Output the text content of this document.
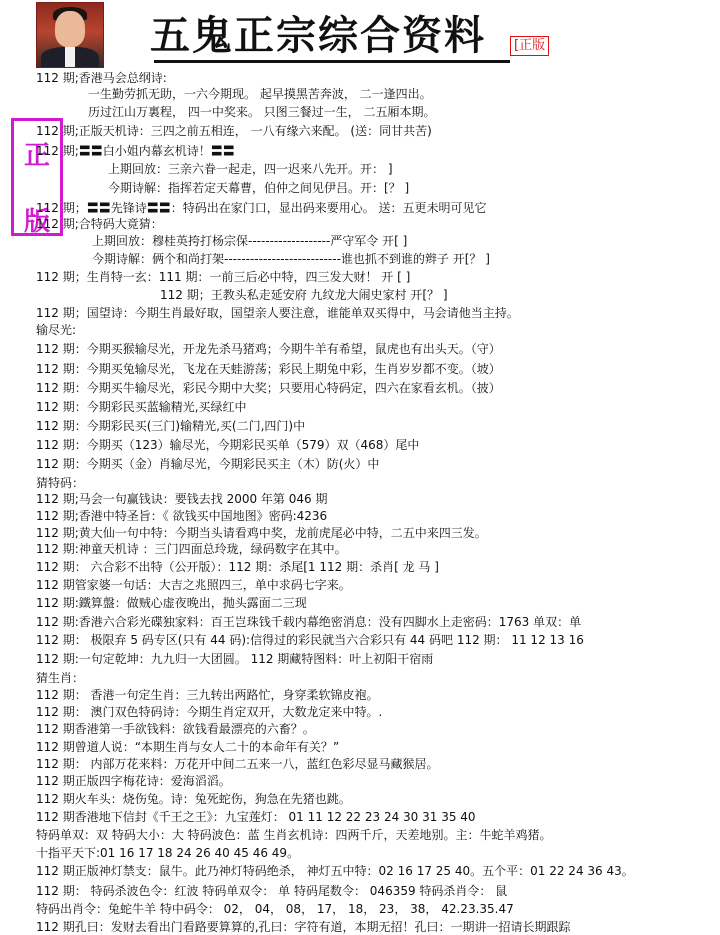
五鬼正宗综合资料	[正版
正
版
112 期;香港马会总纲诗:
一生勤劳抓无助，一六今期现。 起早摸黑苦奔波， 二一逢四出。
历过江山万裏程， 四一中奖来。 只图三餐过一生， 二五厢本期。
112 期;正版天机诗：三四之前五相连， 一八有缘六来配。 (送：同甘共苦)
112 期;〓〓白小姐内幕玄机诗！〓〓
上期回放：三亲六眷一起走，四一迟来八先开。开： ]
今期诗解：指挥若定天幕曹，伯仲之间见伊吕。开：[？ ]
112 期；〓〓先锋诗〓〓：特码出在家门口，显出码来要用心。 送：五更未明可见它
112 期;合特码大竟猜：
上期回放：穆桂英挎打杨宗保-------------------严守军令 开[ ]
今期诗解：俩个和尚打架---------------------------谁也抓不到谁的辫子 开[？ ]
112 期；生肖特一玄：111 期：一前三后必中特，四三发大财！ 开 [ ]
112 期；王教头私走延安府 九纹龙大闹史家村 开[？ ]
112 期；国望诗：今期生肖最好取，国望亲人要注意，谁能单双买得中，马会请他当主持。
输尽光:
112 期：今期买猴输尽光，开龙先杀马猪鸡；今期牛羊有希望，鼠虎也有出头天。（守）
112 期：今期买兔输尽光，飞龙在天蛙游荡；彩民上期兔中彩，生肖岁岁都不变。（坡）
112 期：今期买牛输尽光，彩民今期中大奖；只要用心特码定，四六在家看玄机。（披）
112 期：今期彩民买蓝输精光,买绿红中
112 期：今期彩民买(三门)输精光,买(二门,四门)中
112 期：今期买（123）输尽光，今期彩民买单（579）双（468）尾中
112 期：今期买（金）肖输尽光，今期彩民买主（木）防(火）中
猜特码：
112 期;马会一句赢钱诀：要钱去找 2000 年第 046 期
112 期;香港中特圣旨：《 欲钱买中国地图》密码:4236
112 期;黄大仙一句中特：今期当头请看鸡中奖，龙前虎尾必中特，二五中来四三发。
112 期:神童天机诗 ：三门四面总玲珑，绿码数字在其中。
112 期： 六合彩不出特（公开版）：112 期：杀尾[1 112 期：杀肖[ 龙 马 ]
112 期管家婆一句话：大吉之兆照四三，单中求码七字来。
112 期:鐵算盤：做贼心虚夜晚出，抛头露面二三现
112 期:香港六合彩光碟独家料：百王岂珠钱千载内幕绝密消息：没有四脚水上走密码：1763 单双：单
112 期： 极限弃 5 码专区(只有 44 码):信得过的彩民就当六合彩只有 44 码吧 112 期： 11 12 13 16
112 期:一句定乾坤：九九归一大团圆。 112 期藏特图料：叶上初阳干宿雨
猜生肖：
112 期： 香港一句定生肖：三九转出两路忙，身穿柔软锦皮袍。
112 期： 澳门双色特码诗：今期生肖定双开，大数龙定来中特。.
112 期香港第一手欲钱料：欲钱看最漂亮的六畜？。
112 期曾道人说：“本期生肖与女人二十的本命年有关？”
112 期： 内部万花来料：万花开中间二五来一八，蓝红色彩尽显马藏猴居。
112 期正版四字梅花诗：爱海滔滔。
112 期火车头：烧伤兔。诗：兔死蛇伤，狗急在先猪也跳。
112 期香港地下信封《千王之王》：九宝莲灯： 01 11 12 22 23 24 30 31 35 40
特码单双：双 特码大小：大 特码波色：蓝 生肖玄机诗：四两千斤，天差地别。主：牛蛇羊鸡猪。
十指平天下:01 16 17 18 24 26 40 45 46 49。
112 期正版神灯禁支：鼠牛。此乃神灯特码绝杀， 神灯五中特：02 16 17 25 40。五个平：01 22 24 36 43。
112 期： 特码杀波色令：红波 特码单双令： 单 特码尾数令： 046359 特码杀肖令： 鼠
特码出肖令：兔蛇牛羊 特中码令： 02， 04， 08， 17， 18， 23， 38， 42.23.35.47
112 期孔曰：发财去看出门看路要算算的,孔曰：字符有道，本期无招！孔曰：一期讲一招请长期跟踪
